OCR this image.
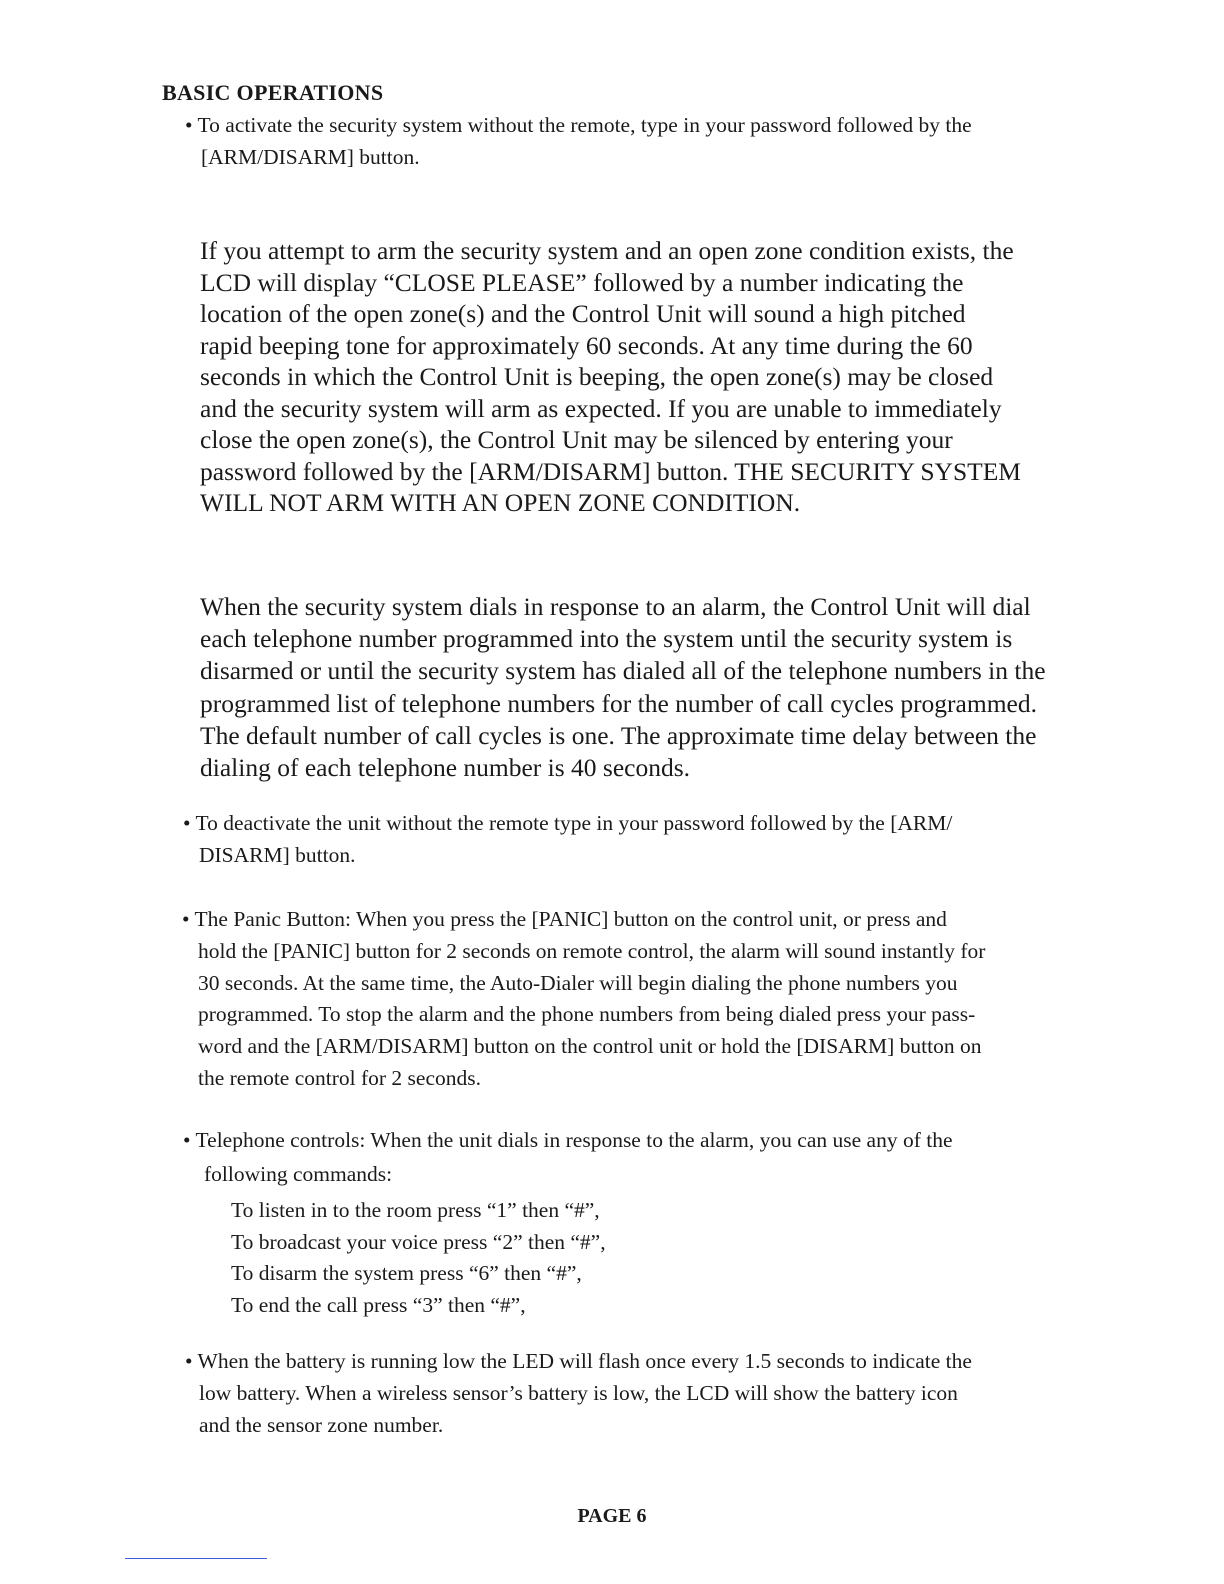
BASIC OPERATIONS
• To activate the security system without the remote, type in your password followed by the
[ARM/DISARM] button.
If you attempt to arm the security system and an open zone condition exists, the
LCD will display “CLOSE PLEASE” followed by a number indicating the
location of the open zone(s) and the Control Unit will sound a high pitched
rapid beeping tone for approximately 60 seconds. At any time during the 60
seconds in which the Control Unit is beeping, the open zone(s) may be closed
and the security system will arm as expected. If you are unable to immediately
close the open zone(s), the Control Unit may be silenced by entering your
password followed by the [ARM/DISARM] button. THE SECURITY SYSTEM
WILL NOT ARM WITH AN OPEN ZONE CONDITION.
When the security system dials in response to an alarm, the Control Unit will dial
each telephone number programmed into the system until the security system is
disarmed or until the security system has dialed all of the telephone numbers in the
programmed list of telephone numbers for the number of call cycles programmed.
The default number of call cycles is one. The approximate time delay between the
dialing of each telephone number is 40 seconds.
• To deactivate the unit without the remote type in your password followed by the [ARM/
DISARM] button.
• The Panic Button: When you press the [PANIC] button on the control unit, or press and
hold the [PANIC] button for 2 seconds on remote control, the alarm will sound instantly for
30 seconds. At the same time, the Auto-Dialer will begin dialing the phone numbers you
programmed. To stop the alarm and the phone numbers from being dialed press your pass-
word and the [ARM/DISARM] button on the control unit or hold the [DISARM] button on
the remote control for 2 seconds.
• Telephone controls: When the unit dials in response to the alarm, you can use any of the
following commands:
To listen in to the room press “1” then “#”,
To broadcast your voice press “2” then “#”,
To disarm the system press “6” then “#”,
To end the call press “3” then “#”,
• When the battery is running low the LED will flash once every 1.5 seconds to indicate the
low battery. When a wireless sensor’s battery is low, the LCD will show the battery icon
and the sensor zone number.
PAGE 6
